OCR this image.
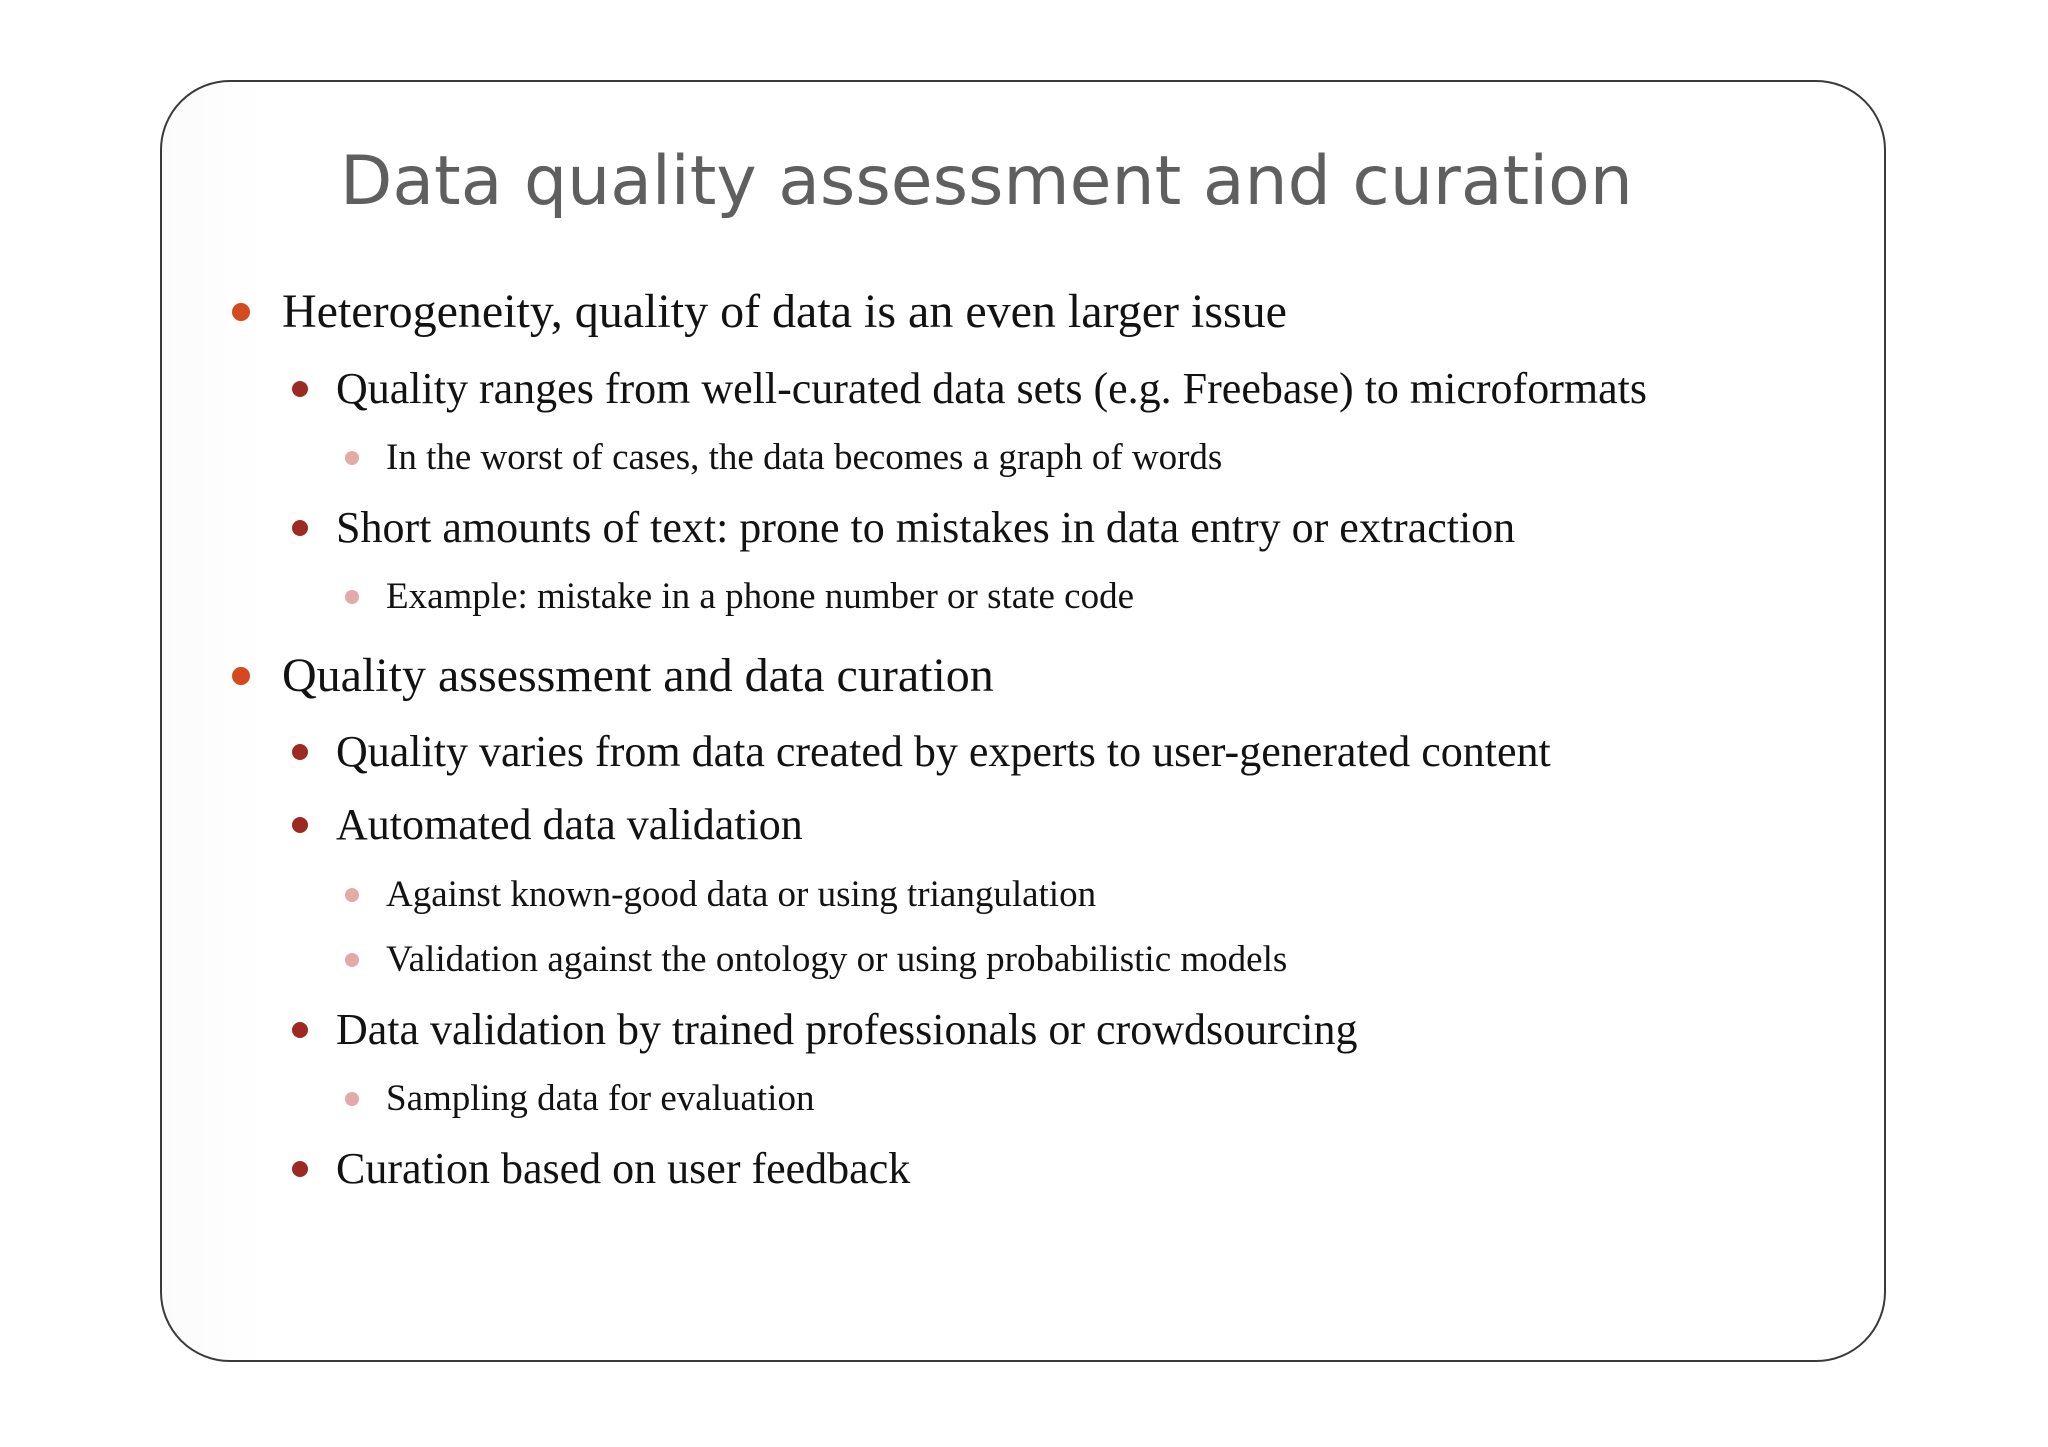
Data quality assessment and curation
Heterogeneity, quality of data is an even larger issue
Quality ranges from well-curated data sets (e.g. Freebase) to microformats
In the worst of cases, the data becomes a graph of words
Short amounts of text: prone to mistakes in data entry or extraction
Example: mistake in a phone number or state code
Quality assessment and data curation
Quality varies from data created by experts to user-generated content
Automated data validation
Against known-good data or using triangulation
Validation against the ontology or using probabilistic models
Data validation by trained professionals or crowdsourcing
Sampling data for evaluation
Curation based on user feedback
